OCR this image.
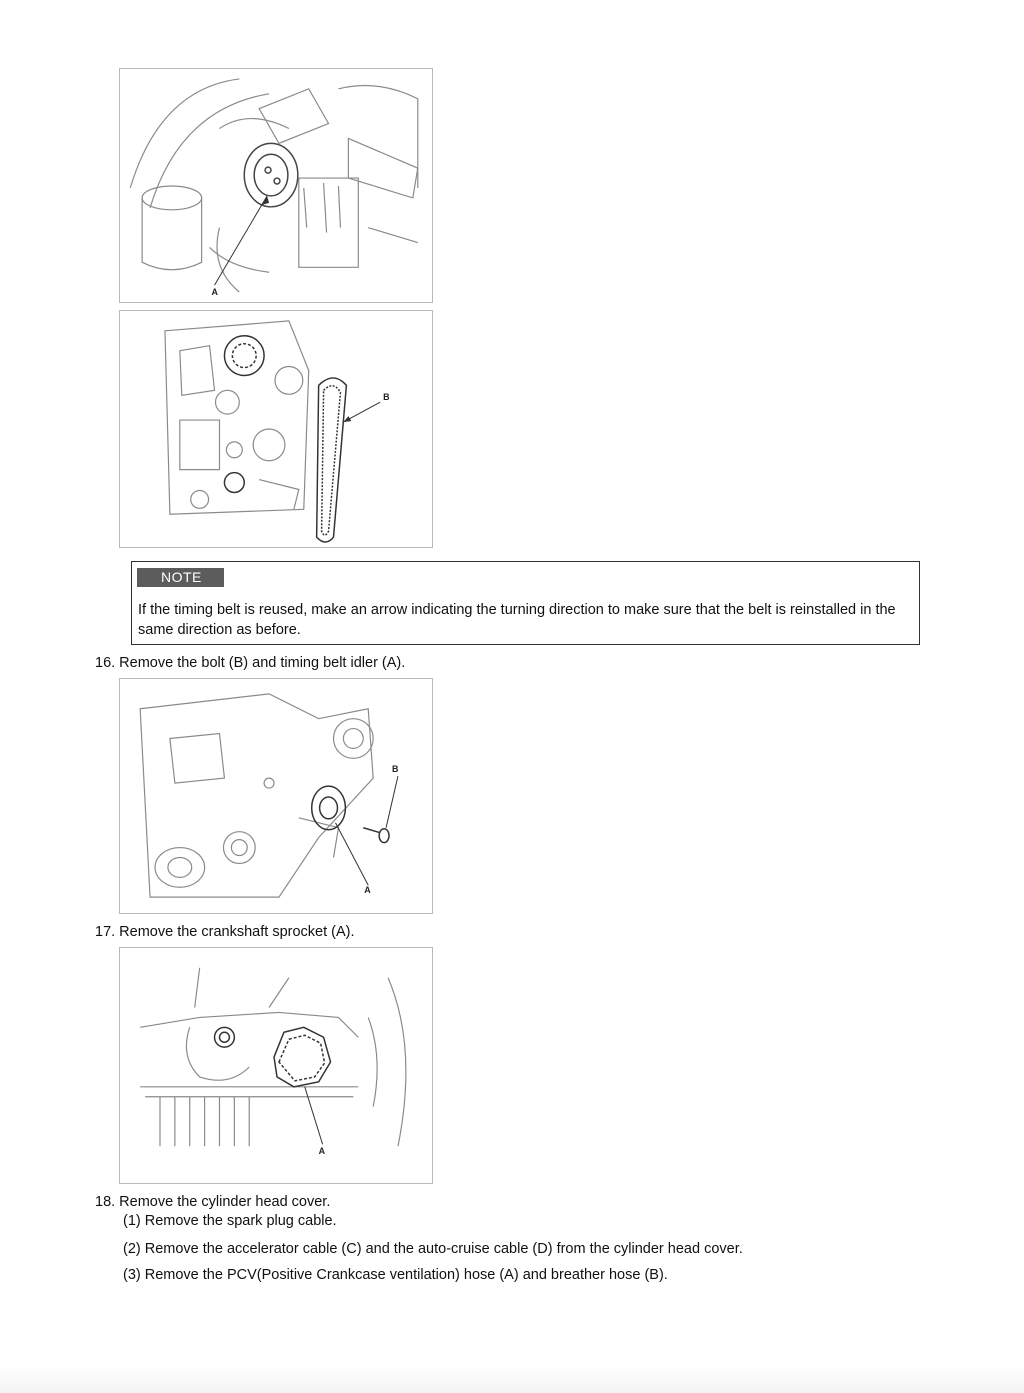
A
B
NOTE
If the timing belt is reused, make an arrow indicating the turning direction to make sure that the belt is reinstalled in the same direction as before.
16. Remove the bolt (B) and timing belt idler (A).
A
B
17. Remove the crankshaft sprocket (A).
A
18. Remove the cylinder head cover.
(1) Remove the spark plug cable.
(2) Remove the accelerator cable (C) and the auto-cruise cable (D) from the cylinder head cover.
(3) Remove the PCV(Positive Crankcase ventilation) hose (A) and breather hose (B).
